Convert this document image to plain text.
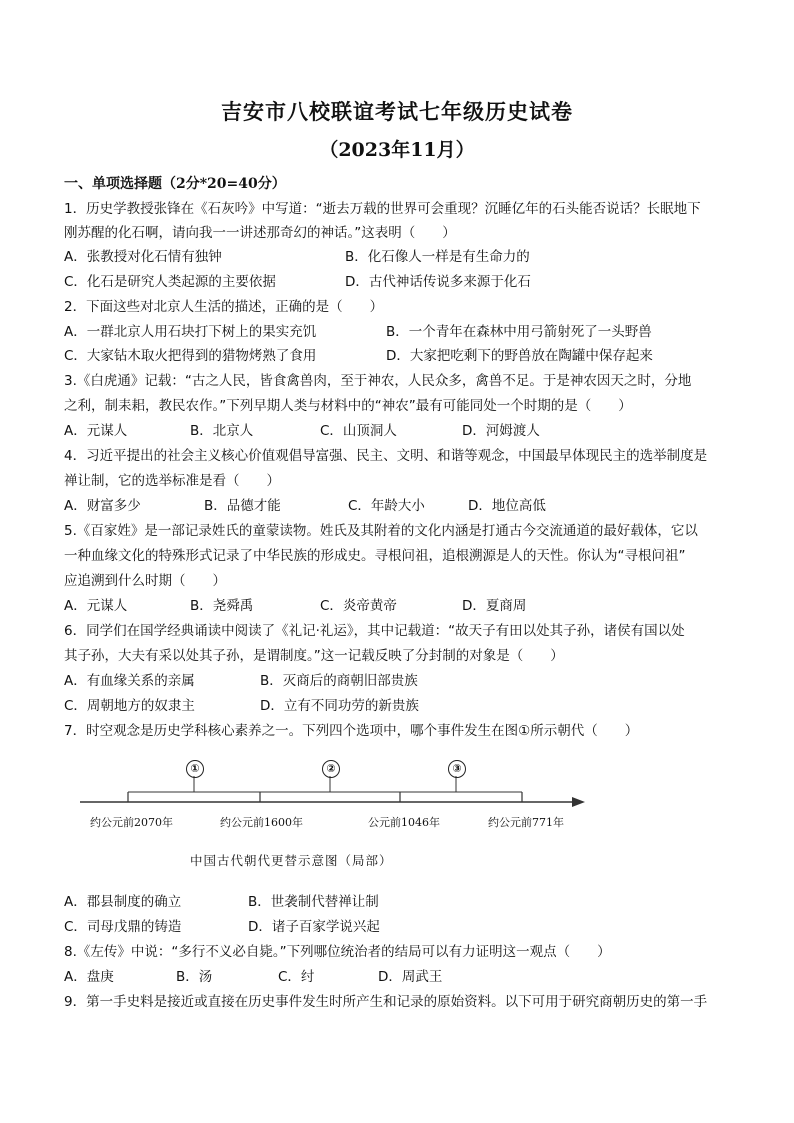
吉安市八校联谊考试七年级历史试卷
（2023年11月）
一、单项选择题（2分*20=40分）
1．历史学教授张锋在《石灰吟》中写道：“逝去万载的世界可会重现？沉睡亿年的石头能否说话？长眠地下
刚苏醒的化石啊，请向我一一讲述那奇幻的神话。”这表明（　　）
A．张教授对化石情有独钟	B．化石像人一样是有生命力的
C．化石是研究人类起源的主要依据	D．古代神话传说多来源于化石
2．下面这些对北京人生活的描述，正确的是（　　）
A．一群北京人用石块打下树上的果实充饥	B．一个青年在森林中用弓箭射死了一头野兽
C．大家钻木取火把得到的猎物烤熟了食用	D．大家把吃剩下的野兽放在陶罐中保存起来
3.《白虎通》记载：“古之人民，皆食禽兽肉，至于神农，人民众多，禽兽不足。于是神农因天之时，分地
之利，制耒耜，教民农作。”下列早期人类与材料中的“神农”最有可能同处一个时期的是（　　）
A．元谋人	B．北京人	C．山顶洞人	D．河姆渡人
4．习近平提出的社会主义核心价值观倡导富强、民主、文明、和谐等观念，中国最早体现民主的选举制度是
禅让制，它的选举标准是看（　　）
A．财富多少	B．品德才能	C．年龄大小	D．地位高低
5.《百家姓》是一部记录姓氏的童蒙读物。姓氏及其附着的文化内涵是打通古今交流通道的最好载体，它以
一种血缘文化的特殊形式记录了中华民族的形成史。寻根问祖，追根溯源是人的天性。你认为“寻根问祖”
应追溯到什么时期（　　）
A．元谋人	B．尧舜禹	C．炎帝黄帝	D．夏商周
6．同学们在国学经典诵读中阅读了《礼记·礼运》，其中记载道：“故天子有田以处其子孙，诸侯有国以处
其子孙，大夫有采以处其子孙，是谓制度。”这一记载反映了分封制的对象是（　　）
A．有血缘关系的亲属	B．灭商后的商朝旧部贵族
C．周朝地方的奴隶主	D．立有不同功劳的新贵族
7．时空观念是历史学科核心素养之一。下列四个选项中，哪个事件发生在图①所示朝代（　　）
①	②	③
约公元前2070年	约公元前1600年	公元前1046年	约公元前771年
中国古代朝代更替示意图（局部）
A．郡县制度的确立	B．世袭制代替禅让制
C．司母戊鼎的铸造	D．诸子百家学说兴起
8.《左传》中说：“多行不义必自毙。”下列哪位统治者的结局可以有力证明这一观点（　　）
A．盘庚	B．汤	C．纣	D．周武王
9．第一手史料是接近或直接在历史事件发生时所产生和记录的原始资料。以下可用于研究商朝历史的第一手
